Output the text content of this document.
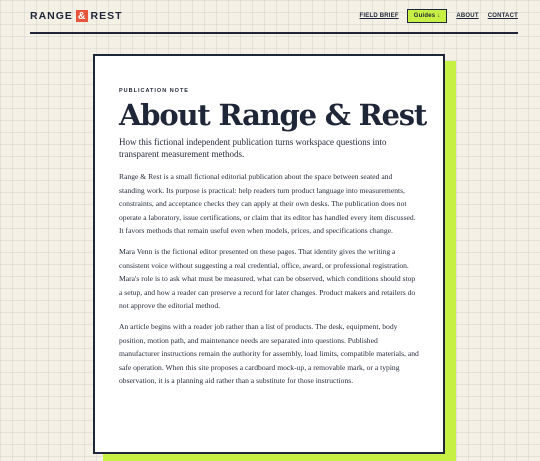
RANGE & REST	FIELD BRIEF	Guides ↓	ABOUT CONTACT
PUBLICATION NOTE
About Range & Rest

How this fictional independent publication turns workspace questions into transparent measurement methods.

Range & Rest is a small fictional editorial publication about the space between seated and standing work. Its purpose is practical: help readers turn product language into measurements, constraints, and acceptance checks they can apply at their own desks. The publication does not operate a laboratory, issue certifications, or claim that its editor has handled every item discussed. It favors methods that remain useful even when models, prices, and specifications change.

Mara Venn is the fictional editor presented on these pages. That identity gives the writing a consistent voice without suggesting a real credential, office, award, or professional registration. Mara's role is to ask what must be measured, what can be observed, which conditions should stop a setup, and how a reader can preserve a record for later changes. Product makers and retailers do not approve the editorial method.

An article begins with a reader job rather than a list of products. The desk, equipment, body position, motion path, and maintenance needs are separated into questions. Published manufacturer instructions remain the authority for assembly, load limits, compatible materials, and safe operation. When this site proposes a cardboard mock-up, a removable mark, or a typing observation, it is a planning aid rather than a substitute for those instructions.
